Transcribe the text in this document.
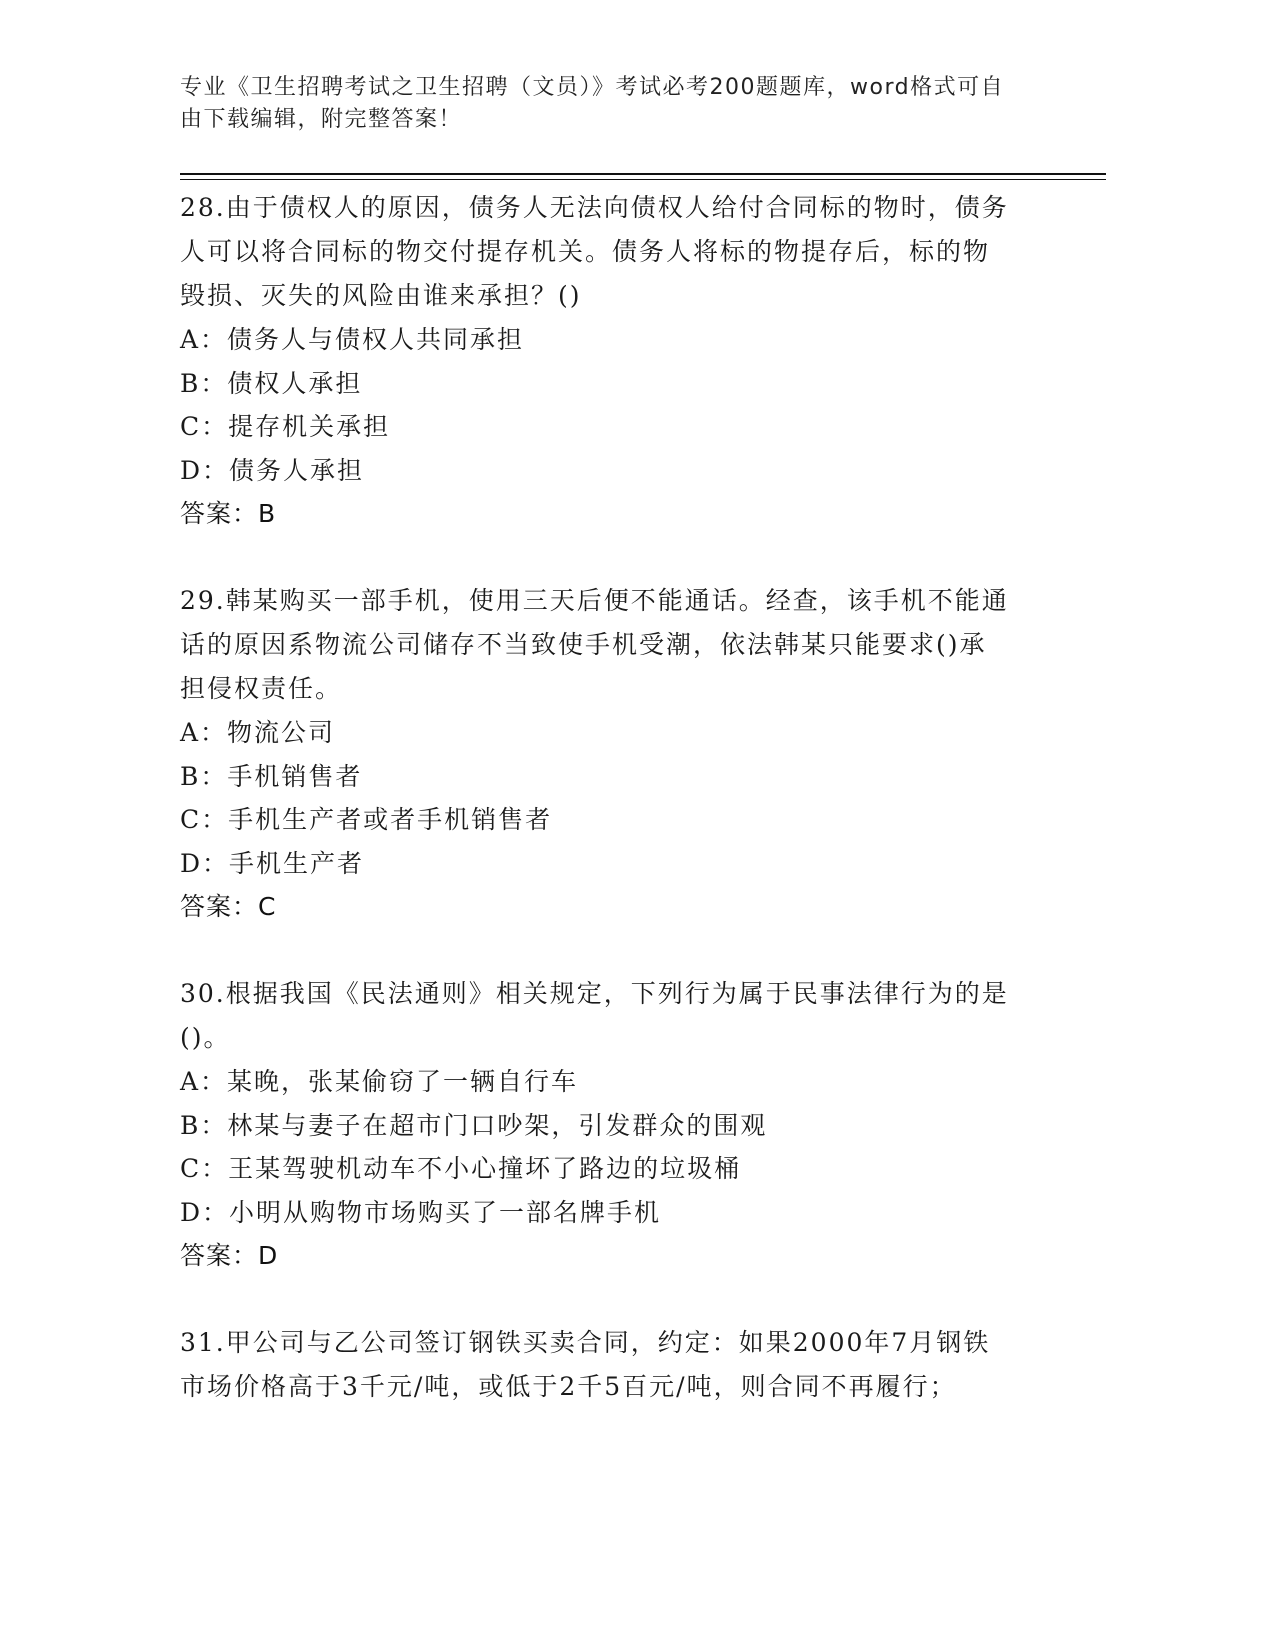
专业《卫生招聘考试之卫生招聘（文员）》考试必考200题题库，word格式可自
由下载编辑，附完整答案！
28.由于债权人的原因，债务人无法向债权人给付合同标的物时，债务
人可以将合同标的物交付提存机关。债务人将标的物提存后，标的物
毁损、灭失的风险由谁来承担？()
A：债务人与债权人共同承担
B：债权人承担
C：提存机关承担
D：债务人承担
答案：B
29.韩某购买一部手机，使用三天后便不能通话。经查，该手机不能通
话的原因系物流公司储存不当致使手机受潮，依法韩某只能要求()承
担侵权责任。
A：物流公司
B：手机销售者
C：手机生产者或者手机销售者
D：手机生产者
答案：C
30.根据我国《民法通则》相关规定，下列行为属于民事法律行为的是
()。
A：某晚，张某偷窃了一辆自行车
B：林某与妻子在超市门口吵架，引发群众的围观
C：王某驾驶机动车不小心撞坏了路边的垃圾桶
D：小明从购物市场购买了一部名牌手机
答案：D
31.甲公司与乙公司签订钢铁买卖合同，约定：如果2000年7月钢铁
市场价格高于3千元/吨，或低于2千5百元/吨，则合同不再履行；
